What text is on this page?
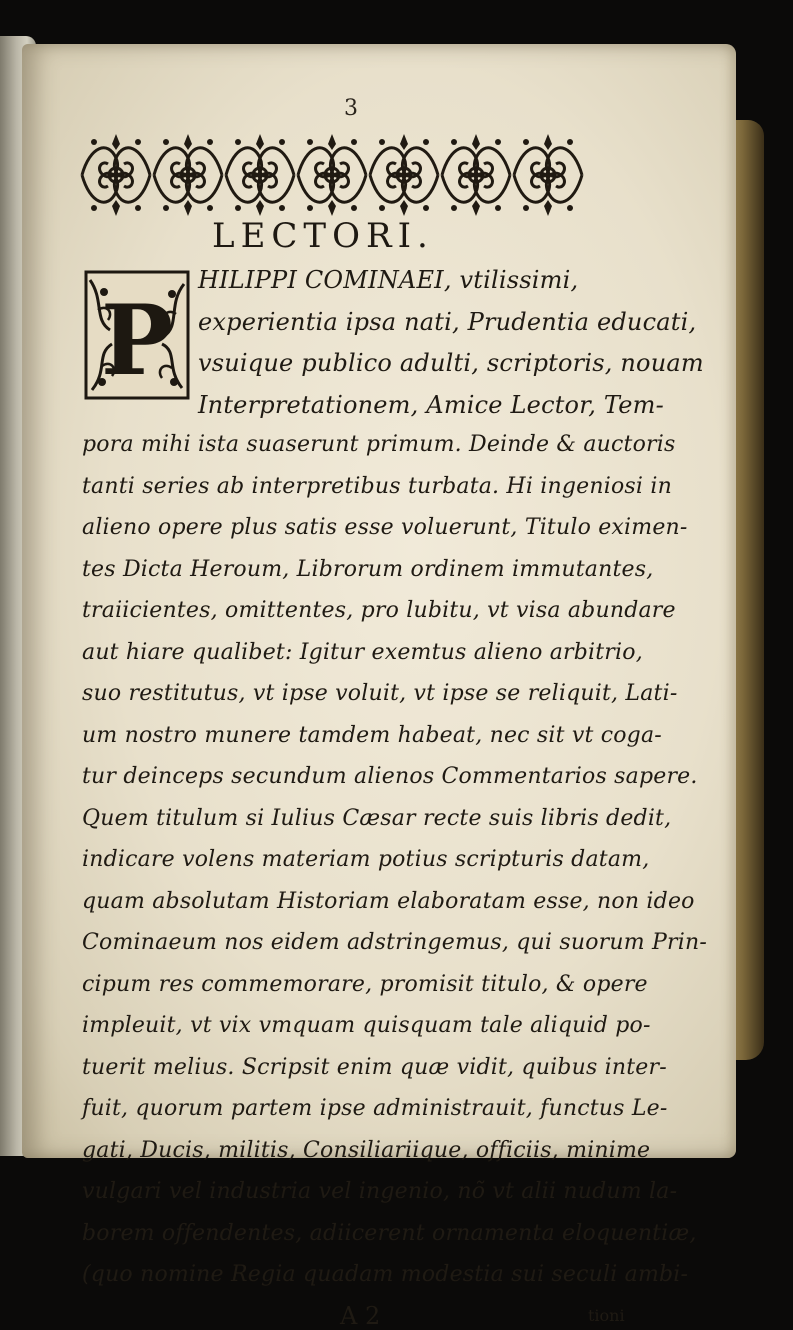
3
LECTORI.
P
HILIPPI COMINAEI, vtilissimi,
experientia ipsa nati, Prudentia educati,
vsuique publico adulti, scriptoris, nouam
Interpretationem, Amice Lector, Tem-
pora mihi ista suaserunt primum. Deinde & auctoris
tanti series ab interpretibus turbata. Hi ingeniosi in
alieno opere plus satis esse voluerunt, Titulo eximen-
tes Dicta Heroum, Librorum ordinem immutantes,
traiicientes, omittentes, pro lubitu, vt visa abundare
aut hiare qualibet: Igitur exemtus alieno arbitrio,
suo restitutus, vt ipse voluit, vt ipse se reliquit, Lati-
um nostro munere tamdem habeat, nec sit vt coga-
tur deinceps secundum alienos Commentarios sapere.
Quem titulum si Iulius Cæsar recte suis libris dedit,
indicare volens materiam potius scripturis datam,
quam absolutam Historiam elaboratam esse, non ideo
Cominaeum nos eidem adstringemus, qui suorum Prin-
cipum res commemorare, promisit titulo, & opere
impleuit, vt vix vmquam quisquam tale aliquid po-
tuerit melius. Scripsit enim quæ vidit, quibus inter-
fuit, quorum partem ipse administrauit, functus Le-
gati, Ducis, militis, Consiliariique, officiis, minime
vulgari vel industria vel ingenio, nõ vt alii nudum la-
borem offendentes, adiicerent ornamenta eloquentiæ,
(quo nomine Regia quadam modestia sui seculi ambi-
A 2	tioni
